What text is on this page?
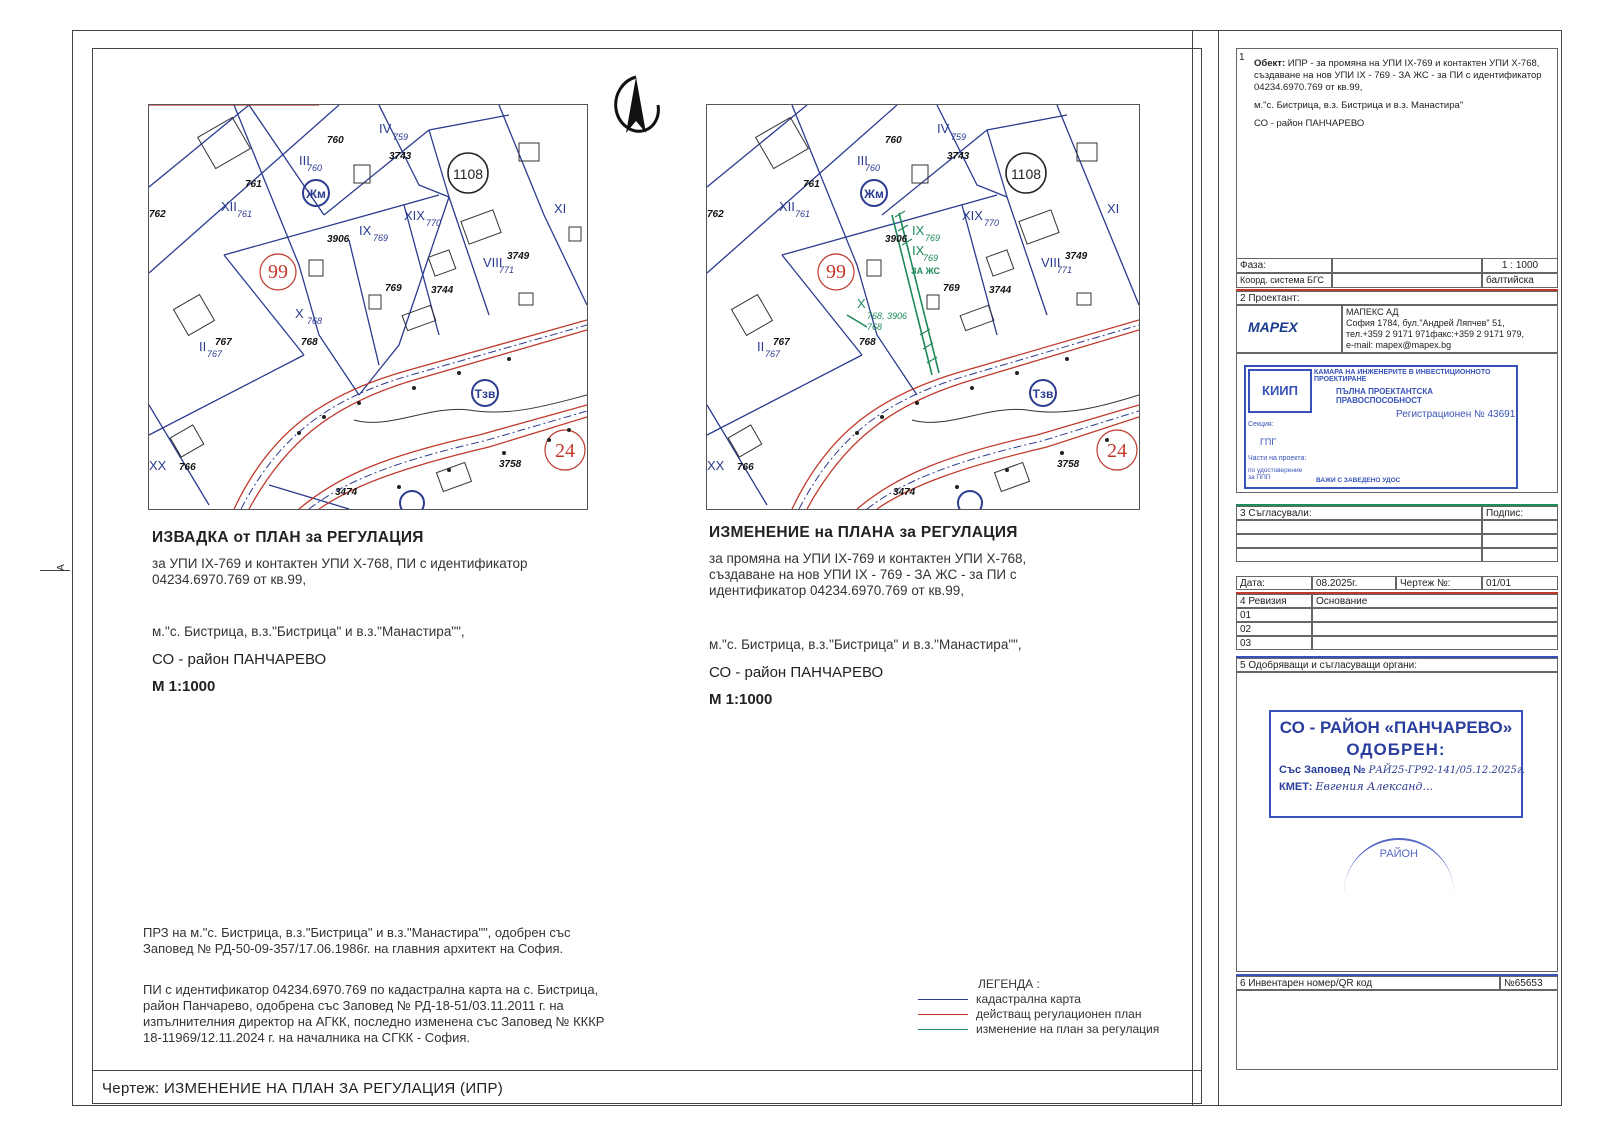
A
99
1108
Жм
Тзв
24
760
3743
761
762
3906
769	3744
3749
767	768
766
3474
3758
IV
III
XII
IX
XIX
VIII
X
II
XX
XI
759
760
761
769
770
771
768
767
99
1108
Жм
Тзв
24
760
3743
761
762
3906
769	3744
3749
767	768
766
3474
3758
IV
III
XII
XIX
VIII
II
XX
XI
IX
X
IX
759
760
761
770
771
767
769
769
ЗА ЖС
768, 3906
768
ИЗВАДКА от ПЛАН за РЕГУЛАЦИЯ
за УПИ IX-769 и контактен УПИ X-768, ПИ с идентификатор
04234.6970.769 от кв.99,
м."с. Бистрица, в.з."Бистрица" и в.з."Манастира"",
СО - район ПАНЧАРЕВО
М 1:1000
ИЗМЕНЕНИЕ на ПЛАНА за РЕГУЛАЦИЯ
за промяна на УПИ IX-769 и контактен УПИ X-768,
създаване на нов УПИ IX - 769 - ЗА ЖС - за ПИ с
идентификатор 04234.6970.769 от кв.99,
м."с. Бистрица, в.з."Бистрица" и в.з."Манастира"",
СО - район ПАНЧАРЕВО
М 1:1000
ПРЗ на м."с. Бистрица, в.з."Бистрица" и в.з."Манастира"", одобрен със
Заповед № РД-50-09-357/17.06.1986г. на главния архитект на София.
ПИ с идентификатор 04234.6970.769 по кадастрална карта на с. Бистрица,
район Панчарево, одобрена със Заповед № РД-18-51/03.11.2011 г. на
изпълнителния директор на АГКК, последно изменена със Заповед № КККР
18-11969/12.11.2024 г. на началника на СГКК - София.
ЛЕГЕНДА :
кадастрална карта
действащ регулационен план
изменение на план за регулация
Чертеж: ИЗМЕНЕНИЕ НА ПЛАН ЗА РЕГУЛАЦИЯ (ИПР)
1
Обект: ИПР - за промяна на УПИ IX-769 и контактен УПИ Х-768,
създаване на нов УПИ IX - 769 - ЗА ЖС - за ПИ с идентификатор
04234.6970.769 от кв.99,
м."с. Бистрица, в.з. Бистрица и в.з. Манастира"
СО - район ПАНЧАРЕВО
Фаза:	1 : 1000
Коорд. система БГС	балтийска
2 Проектант:
MAPEX
МАПЕКС АД
София 1784, бул."Андрей Ляпчев" 51,
тел.+359 2 9171 971факс:+359 2 9171 979,
e-mail: mapex@mapex.bg
КИИП
КАМАРА НА ИНЖЕНЕРИТЕ В ИНВЕСТИЦИОННОТО ПРОЕКТИРАНЕ
ПЪЛНА ПРОЕКТАНТСКА ПРАВОСПОСОБНОСТ
Регистрационен № 43691
Секция:
ГПГ
Части на проекта:
по удостоверение за ППП	ВАЖИ С ЗАВЕДЕНО УДОС
3 Съгласували:	Подпис:
Дата:	08.2025г.	Чертеж №:	01/01
4 Ревизия	Основание
01
02
03
5 Одобряващи и съгласуващи органи:
СО - РАЙОН «ПАНЧАРЕВО»
ОДОБРЕН:
Със Заповед № РАЙ25-ГР92-141/05.12.2025г.
КМЕТ: Евгения Александ...
РАЙОН
6 Инвентарен номер/QR код	№65653
